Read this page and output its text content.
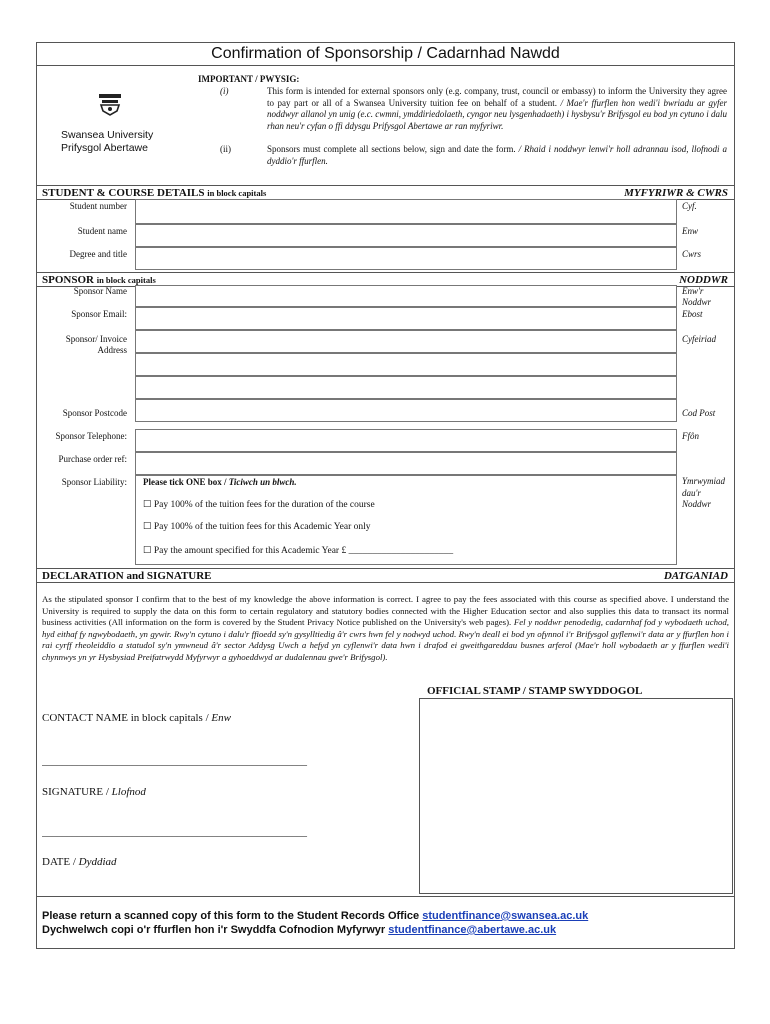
Confirmation of Sponsorship / Cadarnhad Nawdd
Swansea University
Prifysgol Abertawe
IMPORTANT / PWYSIG:
(i)	This form is intended for external sponsors only (e.g. company, trust, council or embassy) to inform the University they agree to pay part or all of a Swansea University tuition fee on behalf of a student. / Mae'r ffurflen hon wedi'i bwriadu ar gyfer noddwyr allanol yn unig (e.c. cwmni, ymddiriedolaeth, cyngor neu lysgenhadaeth) i hysbysu'r Brifysgol eu bod yn cytuno i dalu rhan neu'r cyfan o ffi ddysgu Prifysgol Abertawe ar ran myfyriwr.
(ii)	Sponsors must complete all sections below, sign and date the form. / Rhaid i noddwyr lenwi'r holl adrannau isod, llofnodi a dyddio'r ffurflen.
STUDENT & COURSE DETAILS in block capitals	MYFYRIWR & CWRS
Student number	Cyf.
Student name	Enw
Degree and title	Cwrs
SPONSOR in block capitals	NODDWR
Sponsor Name	Enw'r Noddwr
Sponsor Email:	Ebost
Sponsor/ Invoice Address
Cyfeiriad
Sponsor Postcode	Cod Post
Sponsor Telephone:	Ffôn
Purchase order ref:
Sponsor Liability: Please tick ONE box / Ticiwch un blwch.
☐ Pay 100% of the tuition fees for the duration of the course
☐ Pay 100% of the tuition fees for this Academic Year only
☐ Pay the amount specified for this Academic Year £ ______________________
Ymrwymiad dau'r Noddwr
DECLARATION and SIGNATURE	DATGANIAD
As the stipulated sponsor I confirm that to the best of my knowledge the above information is correct. I agree to pay the fees associated with this course as specified above. I understand the University is required to supply the data on this form to certain regulatory and statutory bodies connected with the Higher Education sector and also supplies this data to transact its normal business activities (All information on the form is covered by the Student Privacy Notice published on the University's web pages). Fel y noddwr penodedig, cadarnhaf fod y wybodaeth uchod, hyd eithaf fy ngwybodaeth, yn gywir. Rwy'n cytuno i dalu'r ffioedd sy'n gysylltiedig â'r cwrs hwn fel y nodwyd uchod. Rwy'n deall ei bod yn ofynnol i'r Brifysgol gyflenwi'r data ar y ffurflen hon i rai cyrff rheoleiddio a statudol sy'n ymwneud â'r sector Addysg Uwch a hefyd yn cyflenwi'r data hwn i drafod ei gweithgareddau busnes arferol (Mae'r holl wybodaeth ar y ffurflen wedi'i chynnwys yn yr Hysbysiad Preifatrwydd Myfyrwyr a gyhoeddwyd ar dudalennau gwe'r Brifysgol).
OFFICIAL STAMP / STAMP SWYDDOGOL
CONTACT NAME in block capitals / Enw
_____________________________________________________
SIGNATURE / Llofnod
_____________________________________________________
DATE / Dyddiad
Please return a scanned copy of this form to the Student Records Office studentfinance@swansea.ac.uk
Dychwelwch copi o'r ffurflen hon i'r Swyddfa Cofnodion Myfyrwyr studentfinance@abertawe.ac.uk
